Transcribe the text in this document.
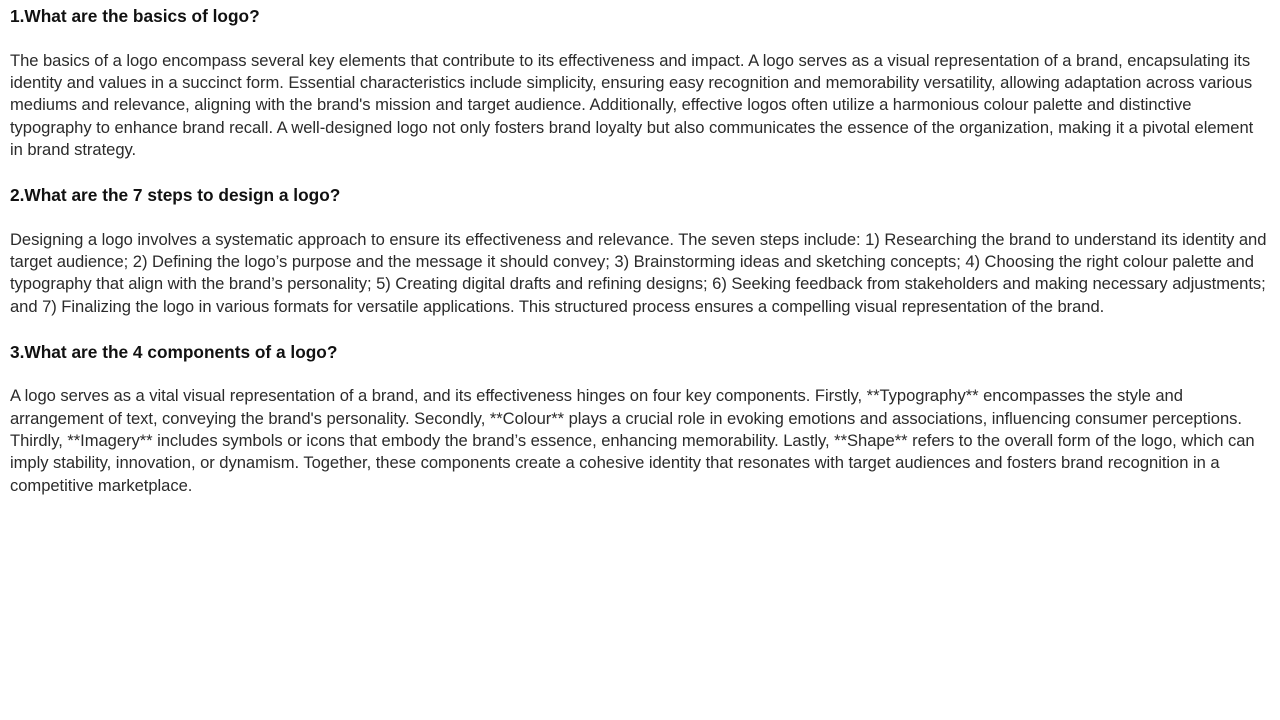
1.What are the basics of logo?

The basics of a logo encompass several key elements that contribute to its effectiveness and impact. A logo serves as a visual representation of a brand, encapsulating its identity and values in a succinct form. Essential characteristics include simplicity, ensuring easy recognition and memorability versatility, allowing adaptation across various mediums and relevance, aligning with the brand's mission and target audience. Additionally, effective logos often utilize a harmonious colour palette and distinctive typography to enhance brand recall. A well-designed logo not only fosters brand loyalty but also communicates the essence of the organization, making it a pivotal element in brand strategy.

2.What are the 7 steps to design a logo?

Designing a logo involves a systematic approach to ensure its effectiveness and relevance. The seven steps include: 1) Researching the brand to understand its identity and target audience; 2) Defining the logo’s purpose and the message it should convey; 3) Brainstorming ideas and sketching concepts; 4) Choosing the right colour palette and typography that align with the brand’s personality; 5) Creating digital drafts and refining designs; 6) Seeking feedback from stakeholders and making necessary adjustments; and 7) Finalizing the logo in various formats for versatile applications. This structured process ensures a compelling visual representation of the brand.

3.What are the 4 components of a logo?

A logo serves as a vital visual representation of a brand, and its effectiveness hinges on four key components. Firstly, **Typography** encompasses the style and arrangement of text, conveying the brand's personality. Secondly, **Colour** plays a crucial role in evoking emotions and associations, influencing consumer perceptions. Thirdly, **Imagery** includes symbols or icons that embody the brand’s essence, enhancing memorability. Lastly, **Shape** refers to the overall form of the logo, which can imply stability, innovation, or dynamism. Together, these components create a cohesive identity that resonates with target audiences and fosters brand recognition in a competitive marketplace.
